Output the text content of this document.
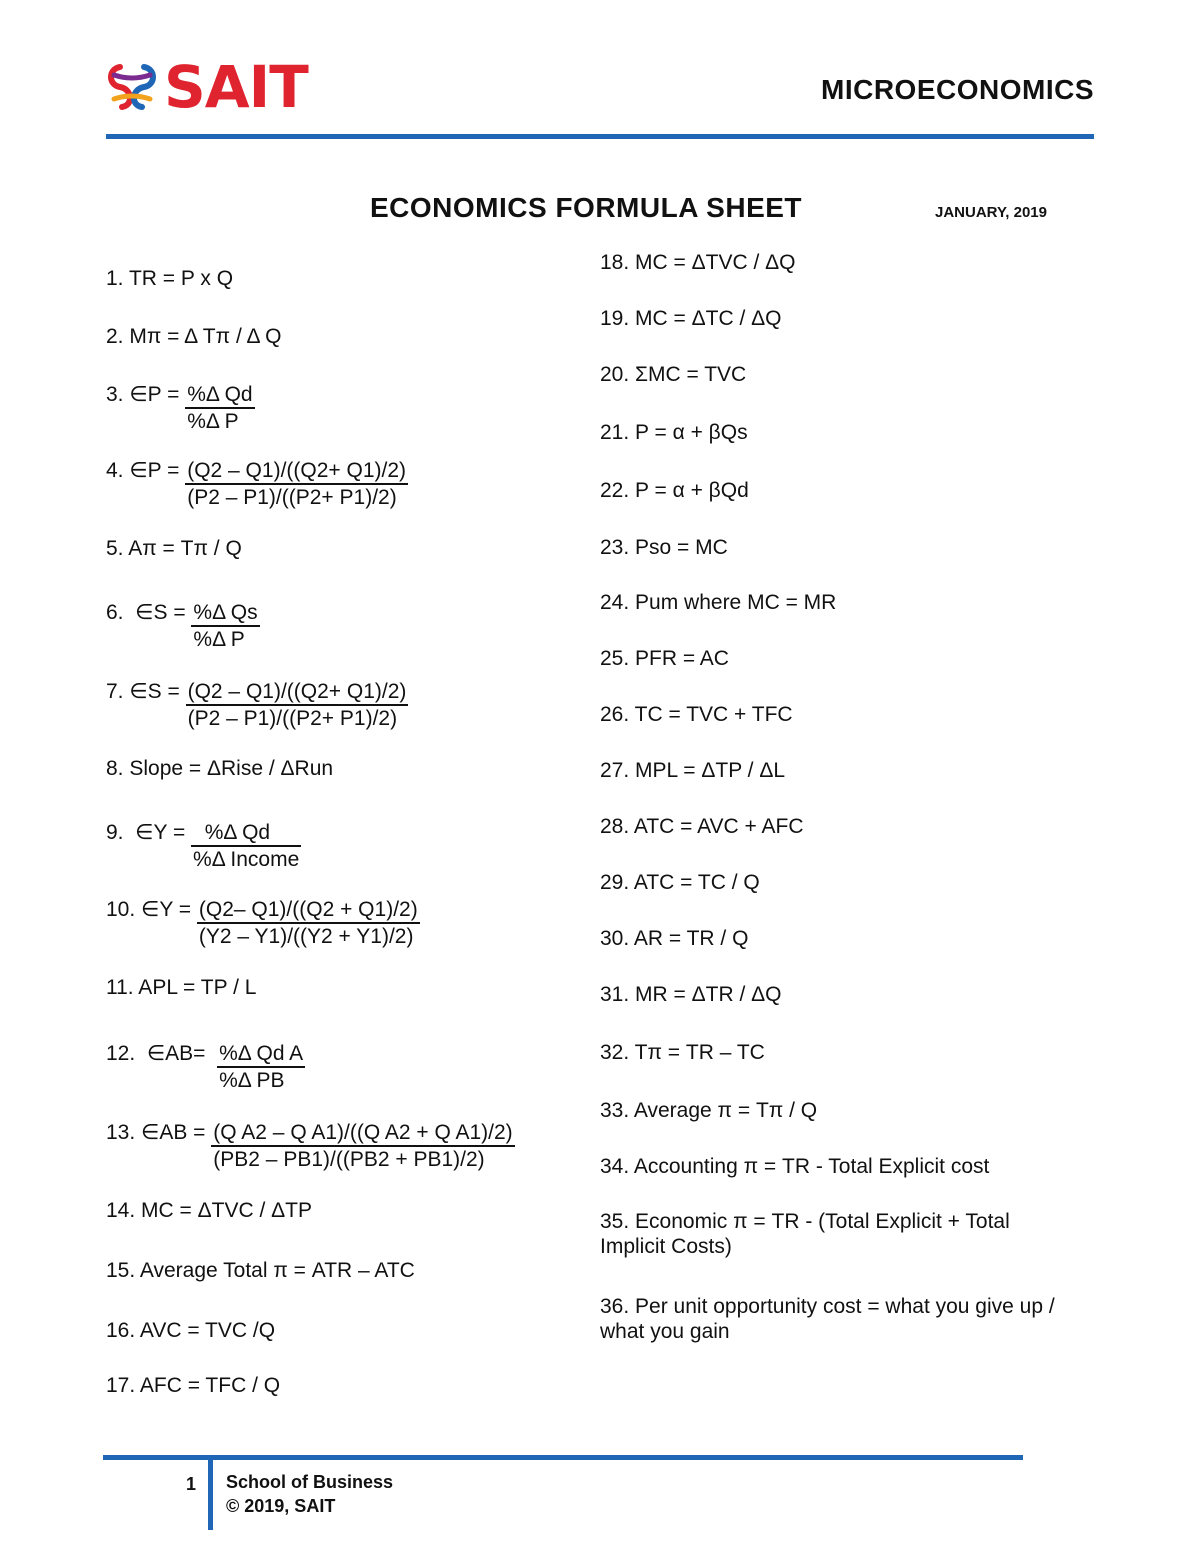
SAIT	MICROECONOMICS
ECONOMICS FORMULA SHEET	JANUARY, 2019
1. TR = P x Q
2. Mπ = Δ Tπ / Δ Q
3. ∈P = $\frac{\text{\%Δ Qd}}{\text{\%Δ P}}$
4. ∈P = $\frac{(Q2 - Q1)/((Q2+ Q1)/2)}{(P2 - P1)/((P2+ P1)/2)}$
5. Aπ = Tπ / Q
6.  ∈S = $\frac{\text{\%Δ Qs}}{\text{\%Δ P}}$
7. ∈S = $\frac{(Q2 - Q1)/((Q2+ Q1)/2)}{(P2 - P1)/((P2+ P1)/2)}$
8. Slope = ΔRise / ΔRun
9.  ∈Y = $\frac{\text{\%Δ Qd}}{\text{\%Δ Income}}$
10. ∈Y = $\frac{(Q2- Q1)/((Q2 + Q1)/2)}{(Y2 - Y1)/((Y2 + Y1)/2)}$
11. APL = TP / L
12.  ∈AB= $\frac{\text{\%Δ Qd A}}{\text{\%Δ PB}}$
13. ∈AB = $\frac{\text{(Q A2 – Q A1)/((Q A2 + Q A1)/2)}}{(PB2 - PB1)/((PB2 + PB1)/2)}$
14. MC = ΔTVC / ΔTP
15. Average Total π = ATR – ATC
16. AVC = TVC /Q
17. AFC = TFC / Q
18. MC = ΔTVC / ΔQ
19. MC = ΔTC / ΔQ
20. ΣMC = TVC
21. P = α + βQs
22. P = α + βQd
23. Pso = MC
24. Pum where MC = MR
25. PFR = AC
26. TC = TVC + TFC
27. MPL = ΔTP / ΔL
28. ATC = AVC + AFC
29. ATC = TC / Q
30. AR = TR / Q
31. MR = ΔTR / ΔQ
32. Tπ = TR – TC
33. Average π = Tπ / Q
34. Accounting π = TR - Total Explicit cost
35. Economic π = TR - (Total Explicit + Total Implicit Costs)
36. Per unit opportunity cost = what you give up / what you gain
1 School of Business
© 2019, SAIT
